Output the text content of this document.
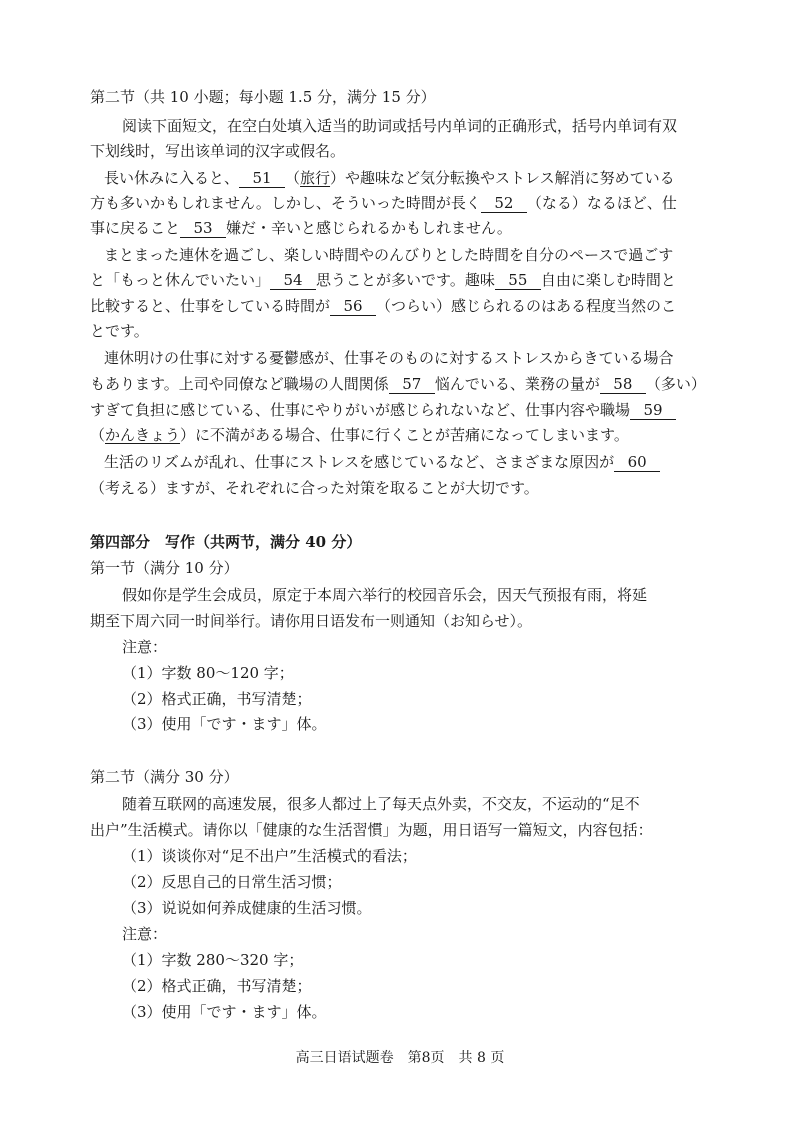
第二节（共 10 小题；每小题 1.5 分，满分 15 分）
阅读下面短文，在空白处填入适当的助词或括号内单词的正确形式，括号内单词有双
下划线时，写出该单词的汉字或假名。
長い休みに入ると、 51 （旅行）や趣味など気分転換やストレス解消に努めている
方も多いかもしれません。しかし、そういった時間が長く 52 （なる）なるほど、仕
事に戻ること 53 嫌だ・辛いと感じられるかもしれません。
まとまった連休を過ごし、楽しい時間やのんびりとした時間を自分のペースで過ごす
と「もっと休んでいたい」 54 思うことが多いです。趣味 55 自由に楽しむ時間と
比較すると、仕事をしている時間が 56 （つらい）感じられるのはある程度当然のこ
とです。
連休明けの仕事に対する憂鬱感が、仕事そのものに対するストレスからきている場合
もあります。上司や同僚など職場の人間関係 57 悩んでいる、業務の量が 58 （多い）
すぎて負担に感じている、仕事にやりがいが感じられないなど、仕事内容や職場 59
（かんきょう）に不満がある場合、仕事に行くことが苦痛になってしまいます。
生活のリズムが乱れ、仕事にストレスを感じているなど、さまざまな原因が 60
（考える）ますが、それぞれに合った対策を取ることが大切です。
第四部分　写作（共两节，满分 40 分）
第一节（满分 10 分）
假如你是学生会成员，原定于本周六举行的校园音乐会，因天气预报有雨，将延
期至下周六同一时间举行。请你用日语发布一则通知（お知らせ）。
注意：
（1）字数 80～120 字；
（2）格式正确，书写清楚；
（3）使用「です・ます」体。
第二节（满分 30 分）
随着互联网的高速发展，很多人都过上了每天点外卖，不交友，不运动的“足不
出户”生活模式。请你以「健康的な生活習慣」为题，用日语写一篇短文，内容包括：
（1）谈谈你对“足不出户”生活模式的看法；
（2）反思自己的日常生活习惯；
（3）说说如何养成健康的生活习惯。
注意：
（1）字数 280～320 字；
（2）格式正确，书写清楚；
（3）使用「です・ます」体。
高三日语试题卷　第8页　共 8 页
